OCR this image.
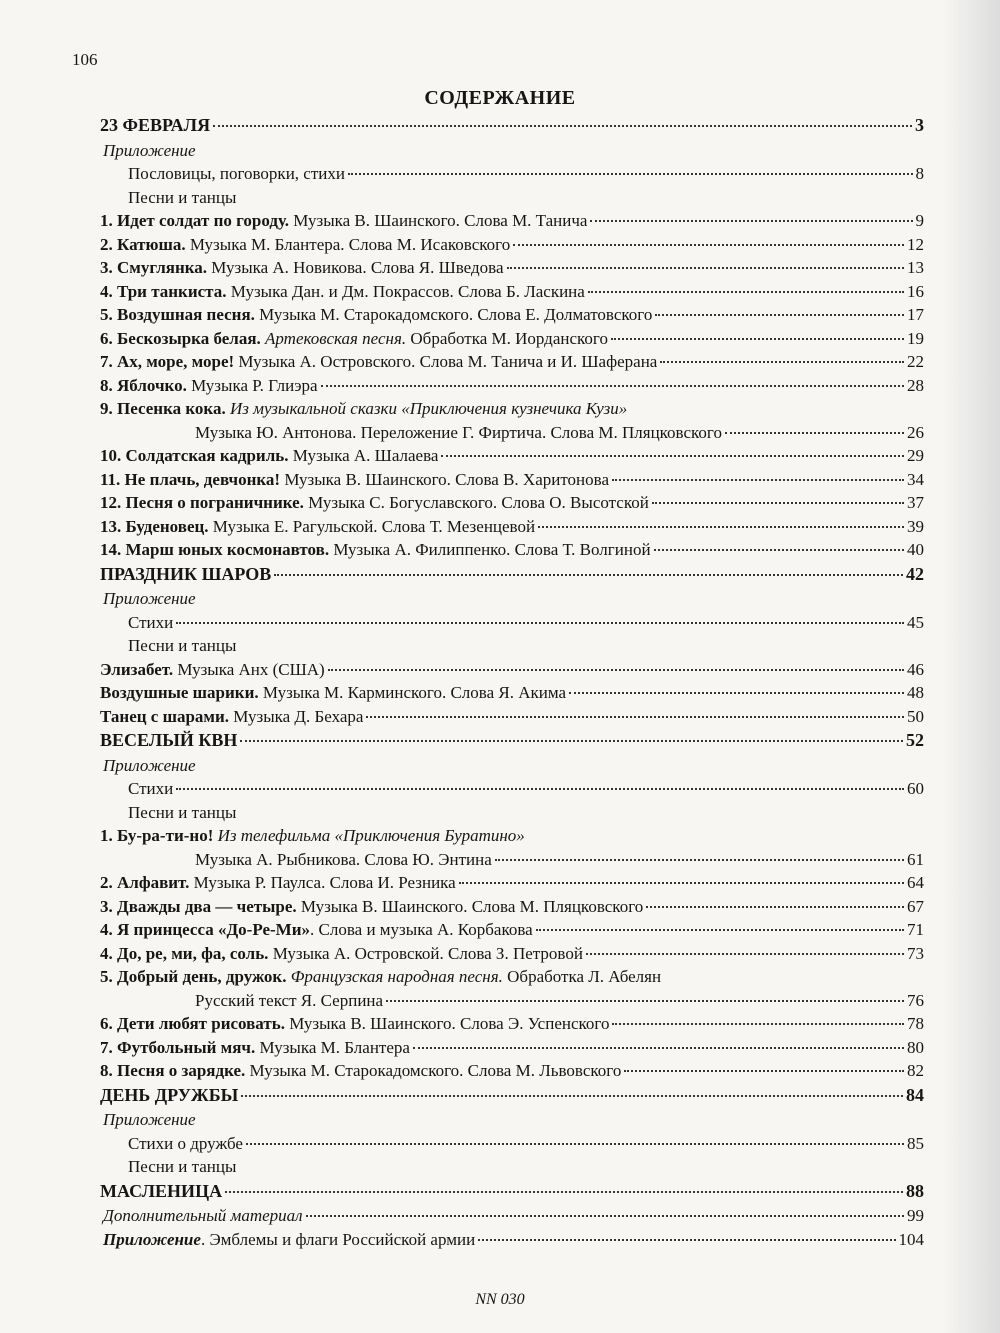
106
СОДЕРЖАНИЕ
23 ФЕВРАЛЯ	3
Приложение
Пословицы, поговорки, стихи	8
Песни и танцы
1. Идет солдат по городу. Музыка В. Шаинского. Слова М. Танича	9
2. Катюша. Музыка М. Блантера. Слова М. Исаковского	12
3. Смуглянка. Музыка А. Новикова. Слова Я. Шведова	13
4. Три танкиста. Музыка Дан. и Дм. Покрассов. Слова Б. Ласкина	16
5. Воздушная песня. Музыка М. Старокадомского. Слова Е. Долматовского	17
6. Бескозырка белая. Артековская песня. Обработка М. Иорданского	19
7. Ах, море, море! Музыка А. Островского. Слова М. Танича и И. Шаферана	22
8. Яблочко. Музыка Р. Глиэра	28
9. Песенка кока. Из музыкальной сказки «Приключения кузнечика Кузи»
Музыка Ю. Антонова. Переложение Г. Фиртича. Слова М. Пляцковского	26
10. Солдатская кадриль. Музыка А. Шалаева	29
11. Не плачь, девчонка! Музыка В. Шаинского. Слова В. Харитонова	34
12. Песня о пограничнике. Музыка С. Богуславского. Слова О. Высотской	37
13. Буденовец. Музыка Е. Рагульской. Слова Т. Мезенцевой	39
14. Марш юных космонавтов. Музыка А. Филиппенко. Слова Т. Волгиной	40
ПРАЗДНИК ШАРОВ	42
Приложение
Стихи	45
Песни и танцы
Элизабет. Музыка Анх (США)	46
Воздушные шарики. Музыка М. Карминского. Слова Я. Акима	48
Танец с шарами. Музыка Д. Бехара	50
ВЕСЕЛЫЙ КВН	52
Приложение
Стихи	60
Песни и танцы
1. Бу-ра-ти-но! Из телефильма «Приключения Буратино»
Музыка А. Рыбникова. Слова Ю. Энтина	61
2. Алфавит. Музыка Р. Паулса. Слова И. Резника	64
3. Дважды два — четыре. Музыка В. Шаинского. Слова М. Пляцковского	67
4. Я принцесса «До-Ре-Ми». Слова и музыка А. Корбакова	71
4. До, ре, ми, фа, соль. Музыка А. Островской. Слова З. Петровой	73
5. Добрый день, дружок. Французская народная песня. Обработка Л. Абелян
Русский текст Я. Серпина	76
6. Дети любят рисовать. Музыка В. Шаинского. Слова Э. Успенского	78
7. Футбольный мяч. Музыка М. Блантера	80
8. Песня о зарядке. Музыка М. Старокадомского. Слова М. Львовского	82
ДЕНЬ ДРУЖБЫ	84
Приложение
Стихи о дружбе	85
Песни и танцы
МАСЛЕНИЦА	88
Дополнительный материал	99
Приложение. Эмблемы и флаги Российской армии	104
NN 030
